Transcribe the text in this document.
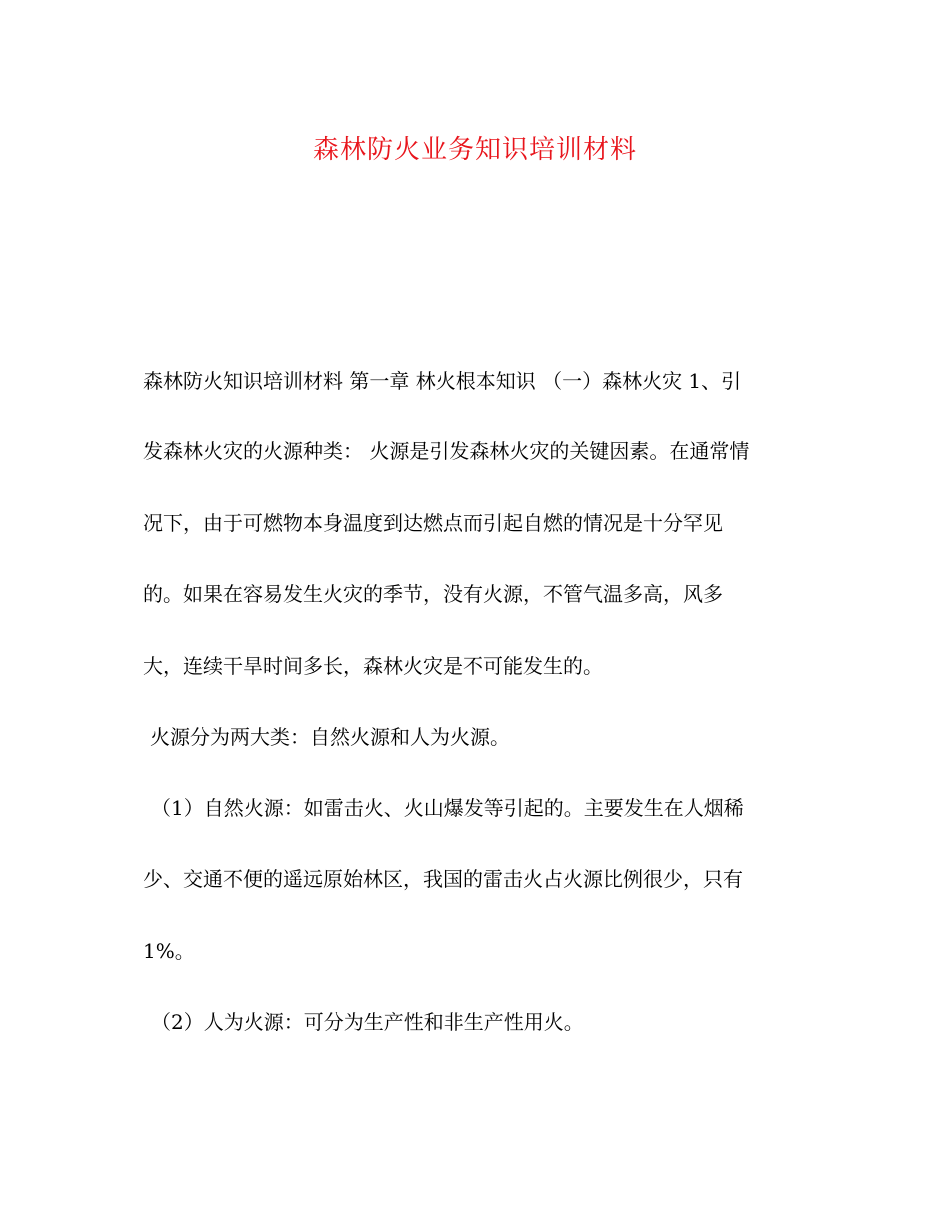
森林防火业务知识培训材料
森林防火知识培训材料 第一章 林火根本知识 （一）森林火灾 1、引
发森林火灾的火源种类： 火源是引发森林火灾的关键因素。在通常情
况下，由于可燃物本身温度到达燃点而引起自燃的情况是十分罕见
的。如果在容易发生火灾的季节，没有火源，不管气温多高，风多
大，连续干旱时间多长，森林火灾是不可能发生的。
火源分为两大类：自然火源和人为火源。
（1）自然火源：如雷击火、火山爆发等引起的。主要发生在人烟稀
少、交通不便的遥远原始林区，我国的雷击火占火源比例很少，只有
1%。
（2）人为火源：可分为生产性和非生产性用火。
